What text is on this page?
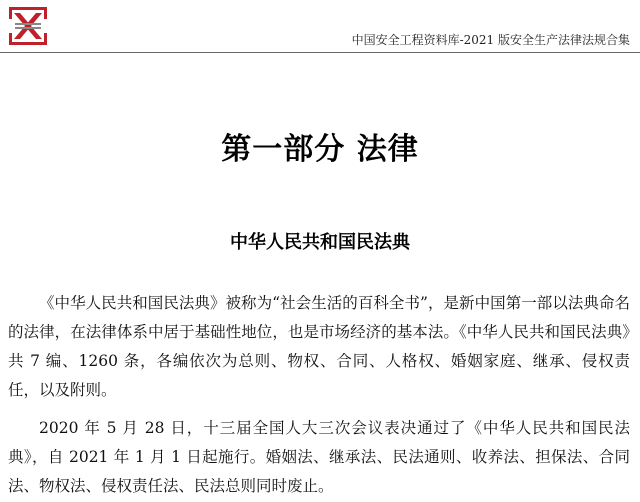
中国安全工程资料库-2021 版安全生产法律法规合集
第一部分 法律
中华人民共和国民法典

《中华人民共和国民法典》被称为“社会生活的百科全书”，是新中国第一部以法典命名的法律，在法律体系中居于基础性地位，也是市场经济的基本法。《中华人民共和国民法典》共 7 编、1260 条，各编依次为总则、物权、合同、人格权、婚姻家庭、继承、侵权责任，以及附则。

2020 年 5 月 28 日，十三届全国人大三次会议表决通过了《中华人民共和国民法典》，自 2021 年 1 月 1 日起施行。婚姻法、继承法、民法通则、收养法、担保法、合同法、物权法、侵权责任法、民法总则同时废止。
